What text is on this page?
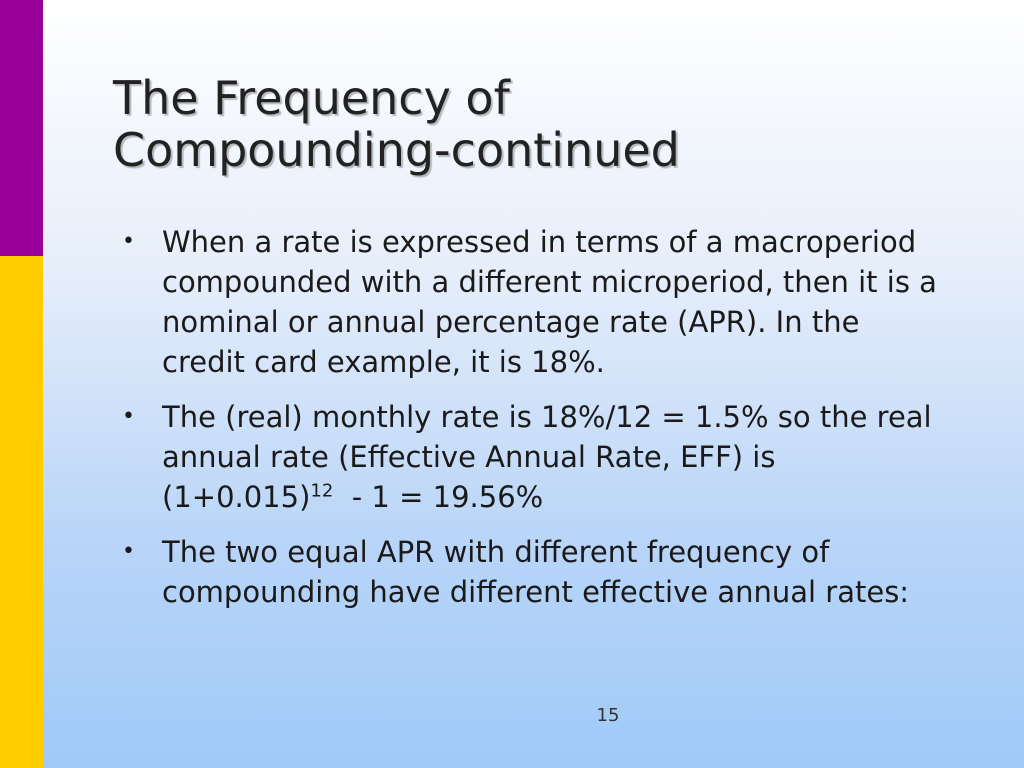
The Frequency of
Compounding-continued
• When a rate is expressed in terms of a macroperiod compounded with a different microperiod, then it is a nominal or annual percentage rate (APR). In the credit card example, it is 18%.
• The (real) monthly rate is 18%/12 = 1.5% so the real annual rate (Effective Annual Rate, EFF) is $(1+0.015)^{12} - 1 = 19.56\%$
• The two equal APR with different frequency of compounding have different effective annual rates:
15
